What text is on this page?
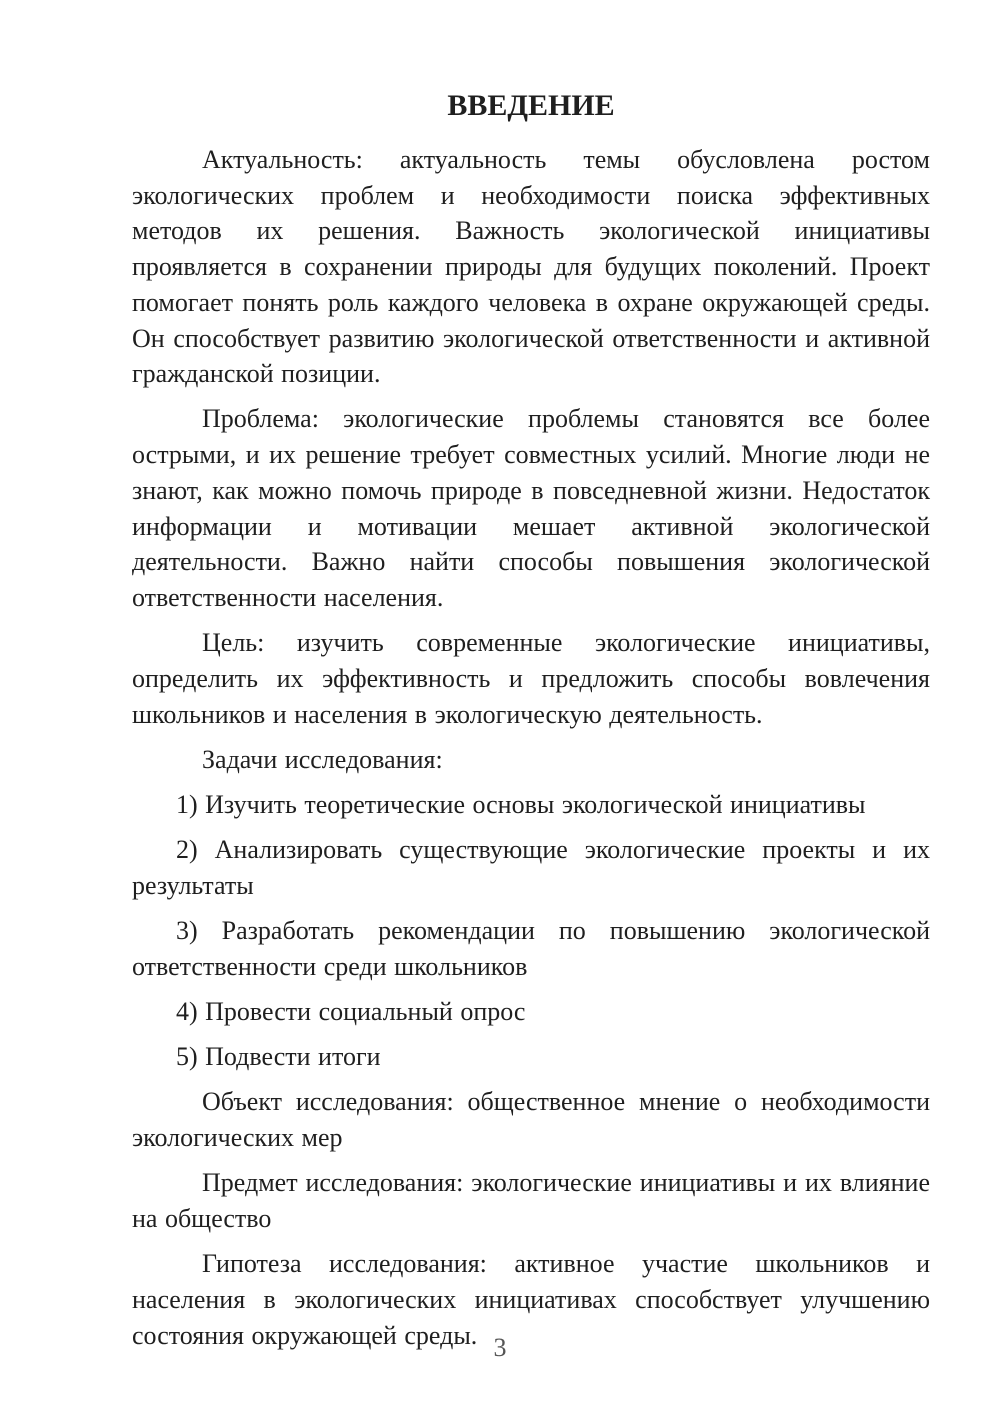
ВВЕДЕНИЕ

Актуальность: актуальность темы обусловлена ростом экологических проблем и необходимости поиска эффективных методов их решения. Важность экологической инициативы проявляется в сохранении природы для будущих поколений. Проект помогает понять роль каждого человека в охране окружающей среды. Он способствует развитию экологической ответственности и активной гражданской позиции.

Проблема: экологические проблемы становятся все более острыми, и их решение требует совместных усилий. Многие люди не знают, как можно помочь природе в повседневной жизни. Недостаток информации и мотивации мешает активной экологической деятельности. Важно найти способы повышения экологической ответственности населения.

Цель: изучить современные экологические инициативы, определить их эффективность и предложить способы вовлечения школьников и населения в экологическую деятельность.

Задачи исследования:

1) Изучить теоретические основы экологической инициативы

2) Анализировать существующие экологические проекты и их результаты

3) Разработать рекомендации по повышению экологической ответственности среди школьников

4) Провести социальный опрос

5) Подвести итоги

Объект исследования: общественное мнение о необходимости экологических мер

Предмет исследования: экологические инициативы и их влияние на общество

Гипотеза исследования: активное участие школьников и населения в экологических инициативах способствует улучшению состояния окружающей среды. 3
